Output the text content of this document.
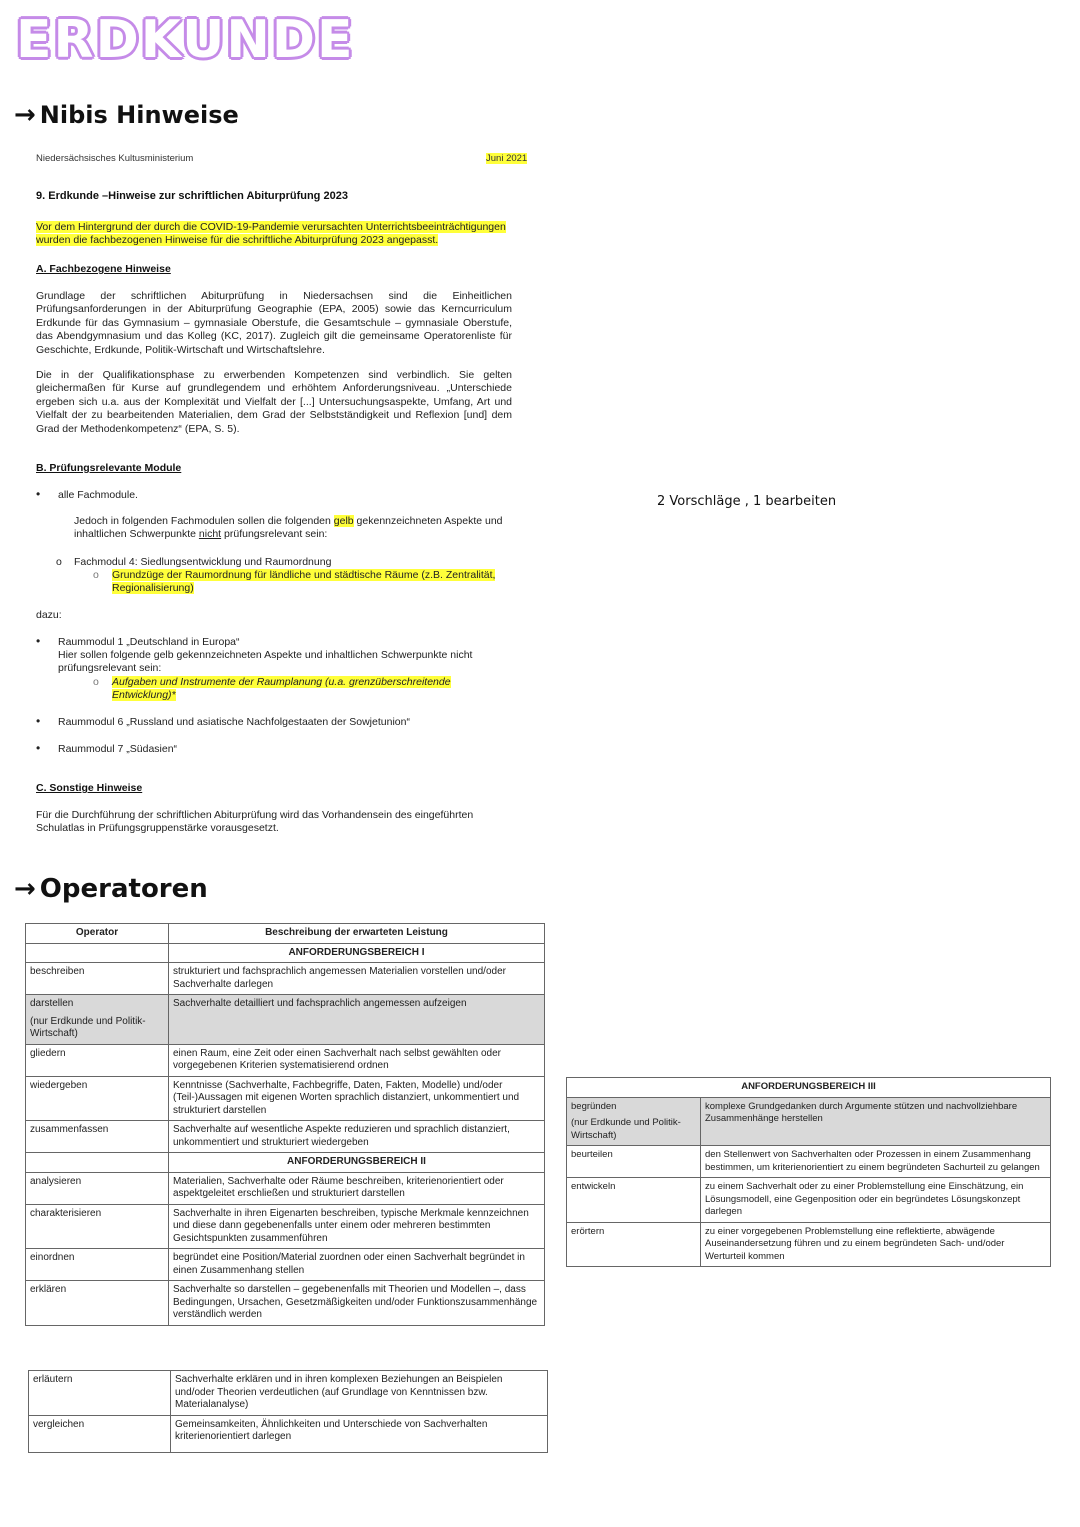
ERDKUNDE
→ Nibis Hinweise
Niedersächsisches Kultusministerium	Juni 2021
9. Erdkunde –Hinweise zur schriftlichen Abiturprüfung 2023
Vor dem Hintergrund der durch die COVID-19-Pandemie verursachten Unterrichtsbeeinträchtigungen wurden die fachbezogenen Hinweise für die schriftliche Abiturprüfung 2023 angepasst.
A. Fachbezogene Hinweise
Grundlage der schriftlichen Abiturprüfung in Niedersachsen sind die Einheitlichen Prüfungsanforderungen in der Abiturprüfung Geographie (EPA, 2005) sowie das Kerncurriculum Erdkunde für das Gymnasium – gymnasiale Oberstufe, die Gesamtschule – gymnasiale Oberstufe, das Abendgymnasium und das Kolleg (KC, 2017). Zugleich gilt die gemeinsame Operatorenliste für Geschichte, Erdkunde, Politik-Wirtschaft und Wirtschaftslehre.
Die in der Qualifikationsphase zu erwerbenden Kompetenzen sind verbindlich. Sie gelten gleichermaßen für Kurse auf grundlegendem und erhöhtem Anforderungsniveau. „Unterschiede ergeben sich u.a. aus der Komplexität und Vielfalt der [...] Untersuchungsaspekte, Umfang, Art und Vielfalt der zu bearbeitenden Materialien, dem Grad der Selbstständigkeit und Reflexion [und] dem Grad der Methodenkompetenz“ (EPA, S. 5).
B. Prüfungsrelevante Module
• alle Fachmodule.
Jedoch in folgenden Fachmodulen sollen die folgenden gelb gekennzeichneten Aspekte und inhaltlichen Schwerpunkte nicht prüfungsrelevant sein:
o Fachmodul 4: Siedlungsentwicklung und Raumordnung
o Grundzüge der Raumordnung für ländliche und städtische Räume (z.B. Zentralität, Regionalisierung)
dazu:
• Raummodul 1 „Deutschland in Europa“
Hier sollen folgende gelb gekennzeichneten Aspekte und inhaltlichen Schwerpunkte nicht prüfungsrelevant sein:
o Aufgaben und Instrumente der Raumplanung (u.a. grenzüberschreitende Entwicklung)*
• Raummodul 6 „Russland und asiatische Nachfolgestaaten der Sowjetunion“
• Raummodul 7 „Südasien“
C. Sonstige Hinweise
Für die Durchführung der schriftlichen Abiturprüfung wird das Vorhandensein des eingeführten Schulatlas in Prüfungsgruppenstärke vorausgesetzt.
2 Vorschläge , 1 bearbeiten
→ Operatoren
Operator	Beschreibung der erwarteten Leistung
	ANFORDERUNGSBEREICH I
beschreiben	strukturiert und fachsprachlich angemessen Materialien vorstellen und/oder Sachverhalte darlegen

darstellen
(nur Erdkunde und Politik-Wirtschaft)	Sachverhalte detailliert und fachsprachlich angemessen aufzeigen
gliedern	einen Raum, eine Zeit oder einen Sachverhalt nach selbst gewählten oder vorgegebenen Kriterien systematisierend ordnen
wiedergeben	Kenntnisse (Sachverhalte, Fachbegriffe, Daten, Fakten, Modelle) und/oder (Teil-)Aussagen mit eigenen Worten sprachlich distanziert, unkommentiert und strukturiert darstellen
zusammenfassen	Sachverhalte auf wesentliche Aspekte reduzieren und sprachlich distanziert, unkommentiert und strukturiert wiedergeben
	ANFORDERUNGSBEREICH II
analysieren	Materialien, Sachverhalte oder Räume beschreiben, kriterienorientiert oder aspektgeleitet erschließen und strukturiert darstellen
charakterisieren	Sachverhalte in ihren Eigenarten beschreiben, typische Merkmale kennzeichnen und diese dann gegebenenfalls unter einem oder mehreren bestimmten Gesichtspunkten zusammenführen
einordnen	begründet eine Position/Material zuordnen oder einen Sachverhalt begründet in einen Zusammenhang stellen
erklären	Sachverhalte so darstellen – gegebenenfalls mit Theorien und Modellen –, dass Bedingungen, Ursachen, Gesetzmäßigkeiten und/oder Funktionszusammenhänge verständlich werden
erläutern	Sachverhalte erklären und in ihren komplexen Beziehungen an Beispielen und/oder Theorien verdeutlichen (auf Grundlage von Kenntnissen bzw. Materialanalyse)
vergleichen	Gemeinsamkeiten, Ähnlichkeiten und Unterschiede von Sachverhalten kriterienorientiert darlegen
ANFORDERUNGSBEREICH III	

begründen
(nur Erdkunde und Politik-Wirtschaft)	komplexe Grundgedanken durch Argumente stützen und nachvollziehbare Zusammenhänge herstellen
beurteilen	den Stellenwert von Sachverhalten oder Prozessen in einem Zusammenhang bestimmen, um kriterienorientiert zu einem begründeten Sachurteil zu gelangen
entwickeln	zu einem Sachverhalt oder zu einer Problemstellung eine Einschätzung, ein Lösungsmodell, eine Gegenposition oder ein begründetes Lösungskonzept darlegen
erörtern	zu einer vorgegebenen Problemstellung eine reflektierte, abwägende Auseinandersetzung führen und zu einem begründeten Sach- und/oder Werturteil kommen
